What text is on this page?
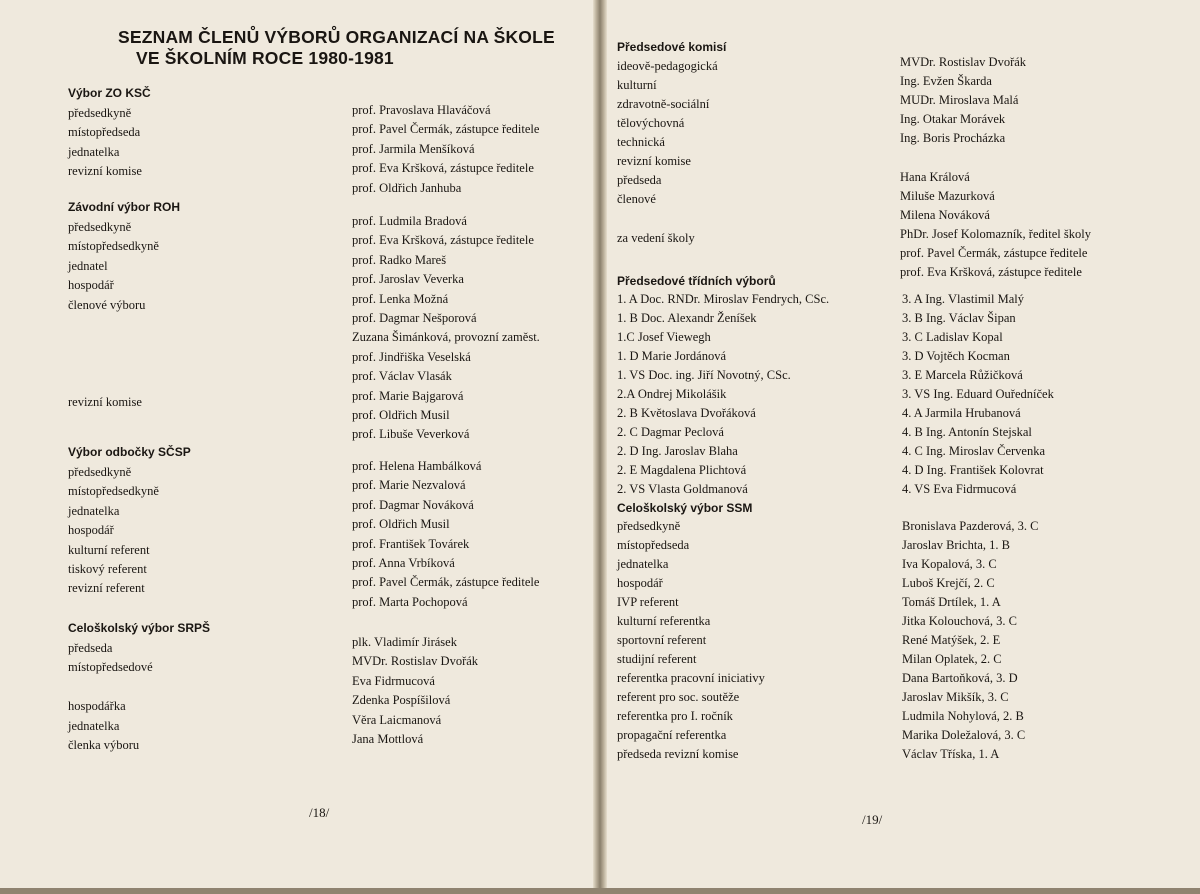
SEZNAM ČLENŮ VÝBORŮ ORGANIZACÍ NA ŠKOLE
VE ŠKOLNÍM ROCE 1980-1981
Výbor ZO KSČ
předsedkyně	prof. Pravoslava Hlaváčová
místopředseda	prof. Pavel Čermák, zástupce ředitele
jednatelka	prof. Jarmila Menšíková
revizní komise	prof. Eva Kršková, zástupce ředitele
prof. Oldřich Janhuba
Závodní výbor ROH
předsedkyně	prof. Ludmila Bradová
místopředsedkyně	prof. Eva Kršková, zástupce ředitele
jednatel	prof. Radko Mareš
hospodář	prof. Jaroslav Veverka
členové výboru	prof. Lenka Možná
prof. Dagmar Nešporová
Zuzana Šimánková, provozní zaměst.
prof. Jindřiška Veselská
prof. Václav Vlasák
revizní komise	prof. Marie Bajgarová
prof. Oldřich Musil
prof. Libuše Veverková
Výbor odbočky SČSP
předsedkyně	prof. Helena Hambálková
místopředsedkyně	prof. Marie Nezvalová
jednatelka	prof. Dagmar Nováková
hospodář	prof. Oldřich Musil
kulturní referent	prof. František Továrek
tiskový referent	prof. Anna Vrbíková
revizní referent	prof. Pavel Čermák, zástupce ředitele
prof. Marta Pochopová
Celoškolský výbor SRPŠ
předseda	plk. Vladimír Jirásek
místopředsedové	MVDr. Rostislav Dvořák
Eva Fidrmucová
hospodářka	Zdenka Pospíšilová
jednatelka	Věra Laicmanová
členka výboru	Jana Mottlová
Předsedové komisí
ideově-pedagogická	MVDr. Rostislav Dvořák
kulturní	Ing. Evžen Škarda
zdravotně-sociální	MUDr. Miroslava Malá
tělovýchovná	Ing. Otakar Morávek
technická	Ing. Boris Procházka
revizní komise
předseda	Hana Králová
členové	Miluše Mazurková
Milena Nováková
za vedení školy	PhDr. Josef Kolomazník, ředitel školy
prof. Pavel Čermák, zástupce ředitele
prof. Eva Kršková, zástupce ředitele
Předsedové třídních výborů
1. A Doc. RNDr. Miroslav Fendrych, CSc.
1. B Doc. Alexandr Ženíšek
1.C Josef Viewegh
1. D Marie Jordánová
1. VS Doc. ing. Jiří Novotný, CSc.
2.A Ondrej Mikolášik
2. B Květoslava Dvořáková
2. C Dagmar Peclová
2. D Ing. Jaroslav Blaha
2. E Magdalena Plichtová
2. VS Vlasta Goldmanová
3. A Ing. Vlastimil Malý
3. B Ing. Václav Šipan
3. C Ladislav Kopal
3. D Vojtěch Kocman
3. E Marcela Růžičková
3. VS Ing. Eduard Ouředníček
4. A Jarmila Hrubanová
4. B Ing. Antonín Stejskal
4. C Ing. Miroslav Červenka
4. D Ing. František Kolovrat
4. VS Eva Fidrmucová
Celoškolský výbor SSM
předsedkyně	Bronislava Pazderová, 3. C
místopředseda	Jaroslav Brichta, 1. B
jednatelka	Iva Kopalová, 3. C
hospodář	Luboš Krejčí, 2. C
IVP referent	Tomáš Drtílek, 1. A
kulturní referentka	Jitka Kolouchová, 3. C
sportovní referent	René Matýšek, 2. E
studijní referent	Milan Oplatek, 2. C
referentka pracovní iniciativy	Dana Bartoňková, 3. D
referent pro soc. soutěže	Jaroslav Mikšík, 3. C
referentka pro I. ročník	Ludmila Nohylová, 2. B
propagační referentka	Marika Doležalová, 3. C
předseda revizní komise	Václav Tříska, 1. A
/18/	/19/
